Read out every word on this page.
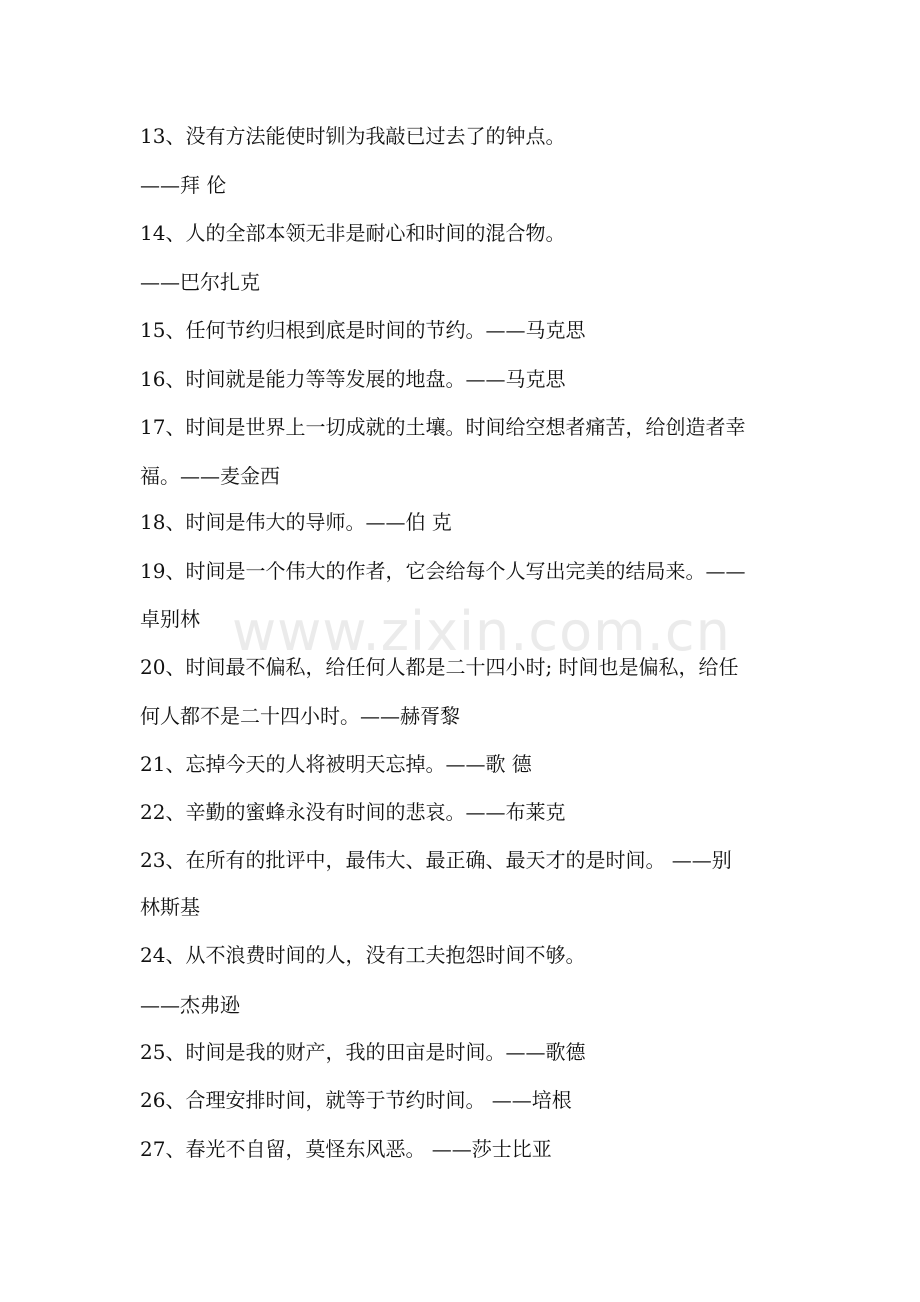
www.zixin.com.cn
13、没有方法能使时钏为我敲已过去了的钟点。
——拜 伦
14、人的全部本领无非是耐心和时间的混合物。
——巴尔扎克
15、任何节约归根到底是时间的节约。——马克思
16、时间就是能力等等发展的地盘。——马克思
17、时间是世界上一切成就的土壤。时间给空想者痛苦，给创造者幸
福。——麦金西
18、时间是伟大的导师。——伯 克
19、时间是一个伟大的作者，它会给每个人写出完美的结局来。——
卓别林
20、时间最不偏私，给任何人都是二十四小时; 时间也是偏私，给任
何人都不是二十四小时。——赫胥黎
21、忘掉今天的人将被明天忘掉。——歌 德
22、辛勤的蜜蜂永没有时间的悲哀。——布莱克
23、在所有的批评中，最伟大、最正确、最天才的是时间。 ——别
林斯基
24、从不浪费时间的人，没有工夫抱怨时间不够。
——杰弗逊
25、时间是我的财产，我的田亩是时间。——歌德
26、合理安排时间，就等于节约时间。 ——培根
27、春光不自留，莫怪东风恶。 ——莎士比亚
